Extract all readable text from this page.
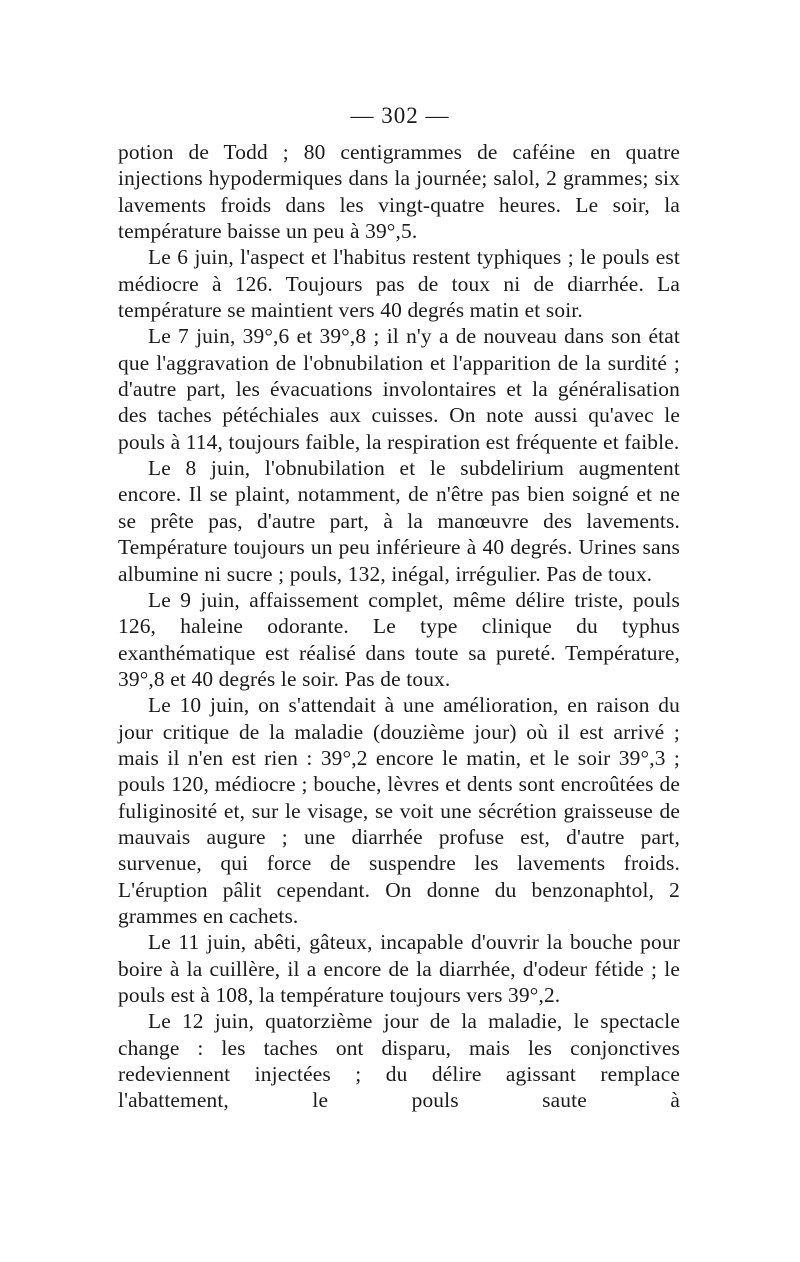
— 302 —

potion de Todd ; 80 centigrammes de caféine en quatre injections hypodermiques dans la journée; salol, 2 grammes; six lavements froids dans les vingt-quatre heures. Le soir, la température baisse un peu à 39°,5.

Le 6 juin, l'aspect et l'habitus restent typhiques ; le pouls est médiocre à 126. Toujours pas de toux ni de diarrhée. La température se maintient vers 40 degrés matin et soir.

Le 7 juin, 39°,6 et 39°,8 ; il n'y a de nouveau dans son état que l'aggravation de l'obnubilation et l'apparition de la surdité ; d'autre part, les évacuations involontaires et la généralisation des taches pétéchiales aux cuisses. On note aussi qu'avec le pouls à 114, toujours faible, la respiration est fréquente et faible.

Le 8 juin, l'obnubilation et le subdelirium augmentent encore. Il se plaint, notamment, de n'être pas bien soigné et ne se prête pas, d'autre part, à la manœuvre des lavements. Température toujours un peu inférieure à 40 degrés. Urines sans albumine ni sucre ; pouls, 132, inégal, irrégulier. Pas de toux.

Le 9 juin, affaissement complet, même délire triste, pouls 126, haleine odorante. Le type clinique du typhus exanthématique est réalisé dans toute sa pureté. Température, 39°,8 et 40 degrés le soir. Pas de toux.

Le 10 juin, on s'attendait à une amélioration, en raison du jour critique de la maladie (douzième jour) où il est arrivé ; mais il n'en est rien : 39°,2 encore le matin, et le soir 39°,3 ; pouls 120, médiocre ; bouche, lèvres et dents sont encroûtées de fuliginosité et, sur le visage, se voit une sécrétion graisseuse de mauvais augure ; une diarrhée profuse est, d'autre part, survenue, qui force de suspendre les lavements froids. L'éruption pâlit cependant. On donne du benzonaphtol, 2 grammes en cachets.

Le 11 juin, abêti, gâteux, incapable d'ouvrir la bouche pour boire à la cuillère, il a encore de la diarrhée, d'odeur fétide ; le pouls est à 108, la température toujours vers 39°,2.

Le 12 juin, quatorzième jour de la maladie, le spectacle change : les taches ont disparu, mais les conjonctives redeviennent injectées ; du délire agissant remplace l'abattement, le pouls saute à
